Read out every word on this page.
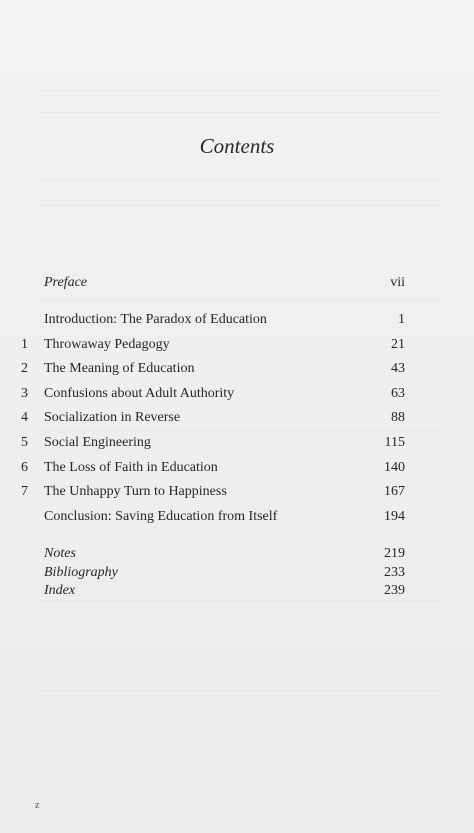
Contents
Preface	vii
Introduction: The Paradox of Education	1
1 Throwaway Pedagogy	21
2 The Meaning of Education	43
3 Confusions about Adult Authority	63
4 Socialization in Reverse	88
5 Social Engineering	115
6 The Loss of Faith in Education	140
7 The Unhappy Turn to Happiness	167
Conclusion: Saving Education from Itself	194
Notes	219
Bibliography	233
Index	239
z
